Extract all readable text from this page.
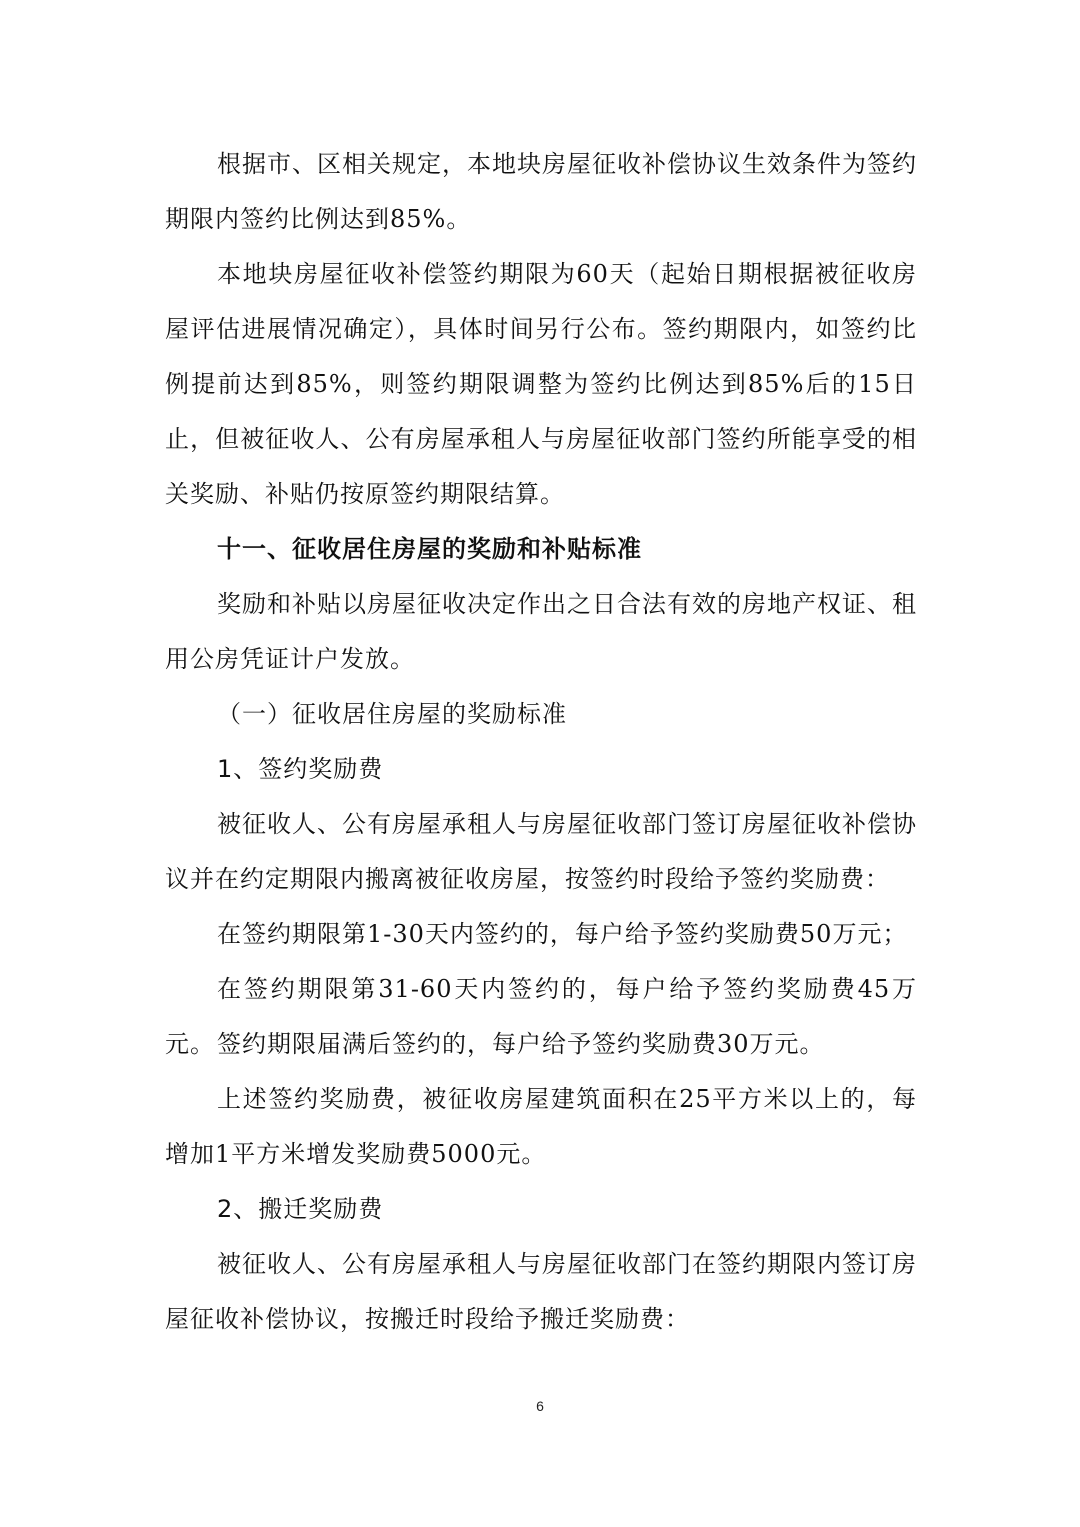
根据市、区相关规定，本地块房屋征收补偿协议生效条件为签约期限内签约比例达到85%。

本地块房屋征收补偿签约期限为60天（起始日期根据被征收房屋评估进展情况确定），具体时间另行公布。签约期限内，如签约比例提前达到85%，则签约期限调整为签约比例达到85%后的15日止，但被征收人、公有房屋承租人与房屋征收部门签约所能享受的相关奖励、补贴仍按原签约期限结算。

十一、征收居住房屋的奖励和补贴标准

奖励和补贴以房屋征收决定作出之日合法有效的房地产权证、租用公房凭证计户发放。

（一）征收居住房屋的奖励标准

1、签约奖励费

被征收人、公有房屋承租人与房屋征收部门签订房屋征收补偿协议并在约定期限内搬离被征收房屋，按签约时段给予签约奖励费：

在签约期限第1-30天内签约的，每户给予签约奖励费50万元；

在签约期限第31-60天内签约的，每户给予签约奖励费45万元。 签约期限届满后签约的，每户给予签约奖励费30万元。

上述签约奖励费，被征收房屋建筑面积在25平方米以上的，每增加1平方米增发奖励费5000元。

2、搬迁奖励费

被征收人、公有房屋承租人与房屋征收部门在签约期限内签订房屋征收补偿协议，按搬迁时段给予搬迁奖励费：

6
